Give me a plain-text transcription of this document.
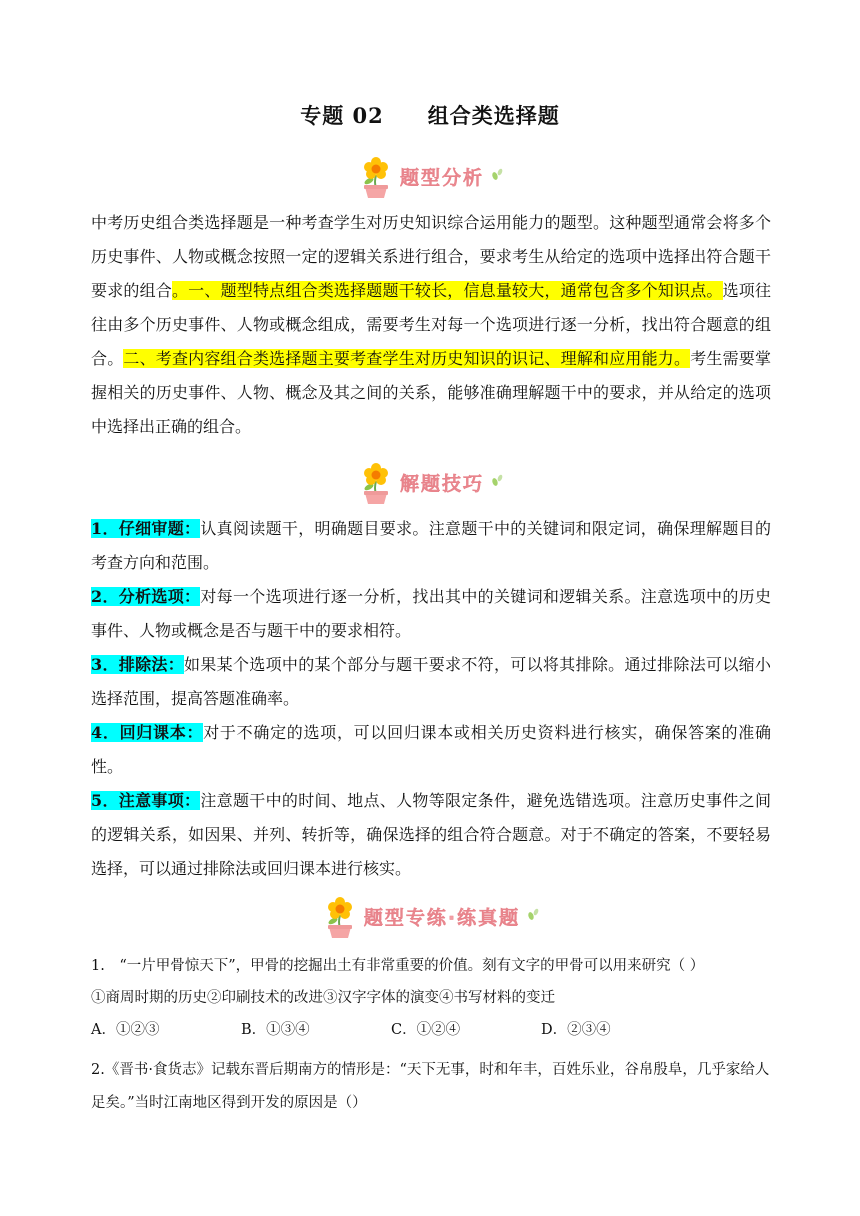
专题 02 组合类选择题
题型分析
中考历史组合类选择题是一种考查学生对历史知识综合运用能力的题型。这种题型通常会将多个历史事件、人物或概念按照一定的逻辑关系进行组合，要求考生从给定的选项中选择出符合题干要求的组合。一、题型特点组合类选择题题干较长，信息量较大，通常包含多个知识点。选项往往由多个历史事件、人物或概念组成，需要考生对每一个选项进行逐一分析，找出符合题意的组合。二、考查内容组合类选择题主要考查学生对历史知识的识记、理解和应用能力。考生需要掌握相关的历史事件、人物、概念及其之间的关系，能够准确理解题干中的要求，并从给定的选项中选择出正确的组合。
解题技巧
1．仔细审题：认真阅读题干，明确题目要求。注意题干中的关键词和限定词，确保理解题目的考查方向和范围。
2．分析选项：对每一个选项进行逐一分析，找出其中的关键词和逻辑关系。注意选项中的历史事件、人物或概念是否与题干中的要求相符。
3．排除法：如果某个选项中的某个部分与题干要求不符，可以将其排除。通过排除法可以缩小选择范围，提高答题准确率。
4．回归课本：对于不确定的选项，可以回归课本或相关历史资料进行核实，确保答案的准确性。
5．注意事项：注意题干中的时间、地点、人物等限定条件，避免选错选项。注意历史事件之间的逻辑关系，如因果、并列、转折等，确保选择的组合符合题意。对于不确定的答案，不要轻易选择，可以通过排除法或回归课本进行核实。
题型专练·练真题
1.　“一片甲骨惊天下”，甲骨的挖掘出土有非常重要的价值。刻有文字的甲骨可以用来研究（ ）
①商周时期的历史②印刷技术的改进③汉字字体的演变④书写材料的变迁
A．①②③	B．①③④	C．①②④	D．②③④
2.《晋书·食货志》记载东晋后期南方的情形是：“天下无事，时和年丰，百姓乐业，谷帛殷阜，几乎家给人足矣。”当时江南地区得到开发的原因是（）
